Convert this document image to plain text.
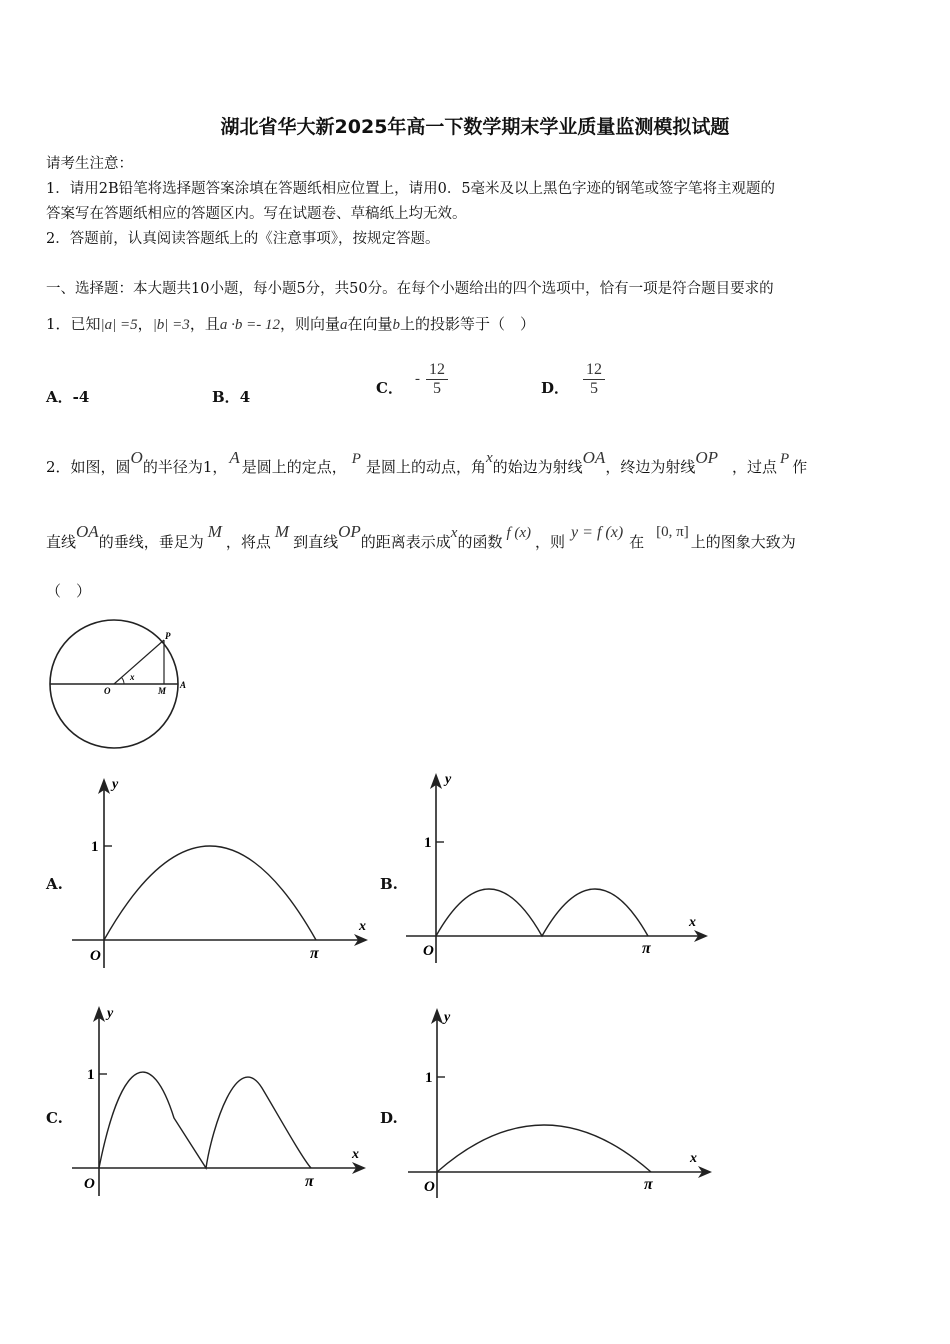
湖北省华大新2025年高一下数学期末学业质量监测模拟试题
请考生注意：
1．请用2B铅笔将选择题答案涂填在答题纸相应位置上，请用0．5毫米及以上黑色字迹的钢笔或签字笔将主观题的
答案写在答题纸相应的答题区内。写在试题卷、草稿纸上均无效。
2．答题前，认真阅读答题纸上的《注意事项》，按规定答题。
一、选择题：本大题共10小题，每小题5分，共50分。在每个小题给出的四个选项中，恰有一项是符合题目要求的
1．已知|a| =5，|b| =3，且a ·b =- 12，则向量a在向量b上的投影等于（　）
A．-4	B．4	C． - $\frac{12}{5}$	D． $\frac{12}{5}$
2．如图，圆O的半径为1， A 是圆上的定点， P 是圆上的动点，角x的始边为射线OA，终边为射线OP ，过点 P 作
直线OA的垂线，垂足为M，将点M到直线OP的距离表示成x的函数 f (x) ，则y = f (x)在[0, π]上的图象大致为
（　）
O	M
A
P
x
A.
y
x
1
O	π
B.
y
x
1
O	π
C.
y
x
1
O	π
D.
y
x
1
O	π
